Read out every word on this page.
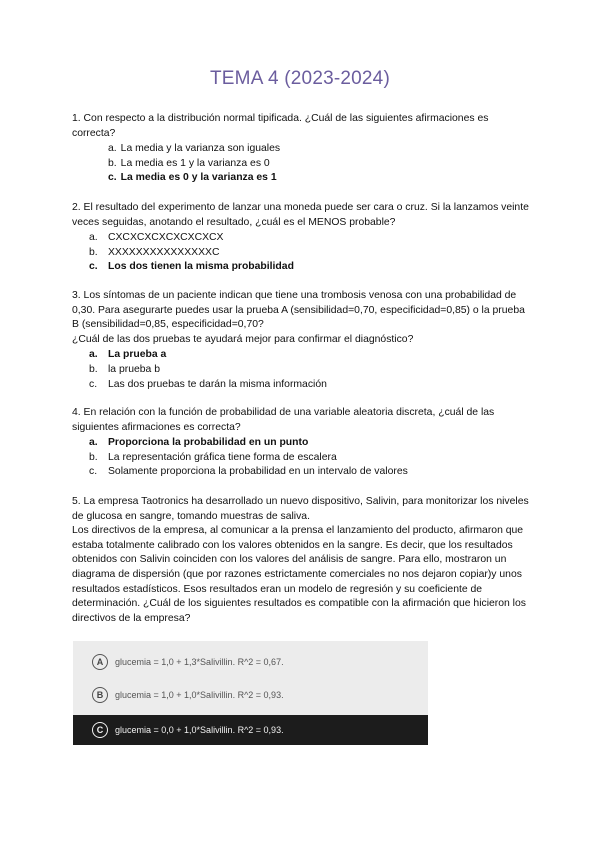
TEMA 4 (2023-2024)

1. Con respecto a la distribución normal tipificada. ¿Cuál de las siguientes afirmaciones es correcta?

a. La media y la varianza son iguales
b. La media es 1 y la varianza es 0
c. La media es 0 y la varianza es 1

2. El resultado del experimento de lanzar una moneda puede ser cara o cruz. Si la lanzamos veinte veces seguidas, anotando el resultado, ¿cuál es el MENOS probable?

a. CXCXCXCXCXCXCXCX
b. XXXXXXXXXXXXXXXC
c. Los dos tienen la misma probabilidad

3. Los síntomas de un paciente indican que tiene una trombosis venosa con una probabilidad de 0,30. Para asegurarte puedes usar la prueba A (sensibilidad=0,70, especificidad=0,85) o la prueba B (sensibilidad=0,85, especificidad=0,70?

¿Cuál de las dos pruebas te ayudará mejor para confirmar el diagnóstico?

a. La prueba a
b. la prueba b
c.	Las dos pruebas te darán la misma información

4. En relación con la función de probabilidad de una variable aleatoria discreta, ¿cuál de las siguientes afirmaciones es correcta?

a. Proporciona la probabilidad en un punto
b. La representación gráfica tiene forma de escalera
c.	Solamente proporciona la probabilidad en un intervalo de valores

5. La empresa Taotronics ha desarrollado un nuevo dispositivo, Salivin, para monitorizar los niveles de glucosa en sangre, tomando muestras de saliva.

Los directivos de la empresa, al comunicar a la prensa el lanzamiento del producto, afirmaron que estaba totalmente calibrado con los valores obtenidos en la sangre. Es decir, que los resultados obtenidos con Salivin coinciden con los valores del análisis de sangre. Para ello, mostraron un diagrama de dispersión (que por razones estrictamente comerciales no nos dejaron copiar)y unos resultados estadísticos. Esos resultados eran un modelo de regresión y su coeficiente de determinación. ¿Cuál de los siguientes resultados es compatible con la afirmación que hicieron los directivos de la empresa?

A	glucemia = 1,0 + 1,3*Salivillin. R^2 = 0,67.
B	glucemia = 1,0 + 1,0*Salivillin. R^2 = 0,93.
C	glucemia = 0,0 + 1,0*Salivillin. R^2 = 0,93.
